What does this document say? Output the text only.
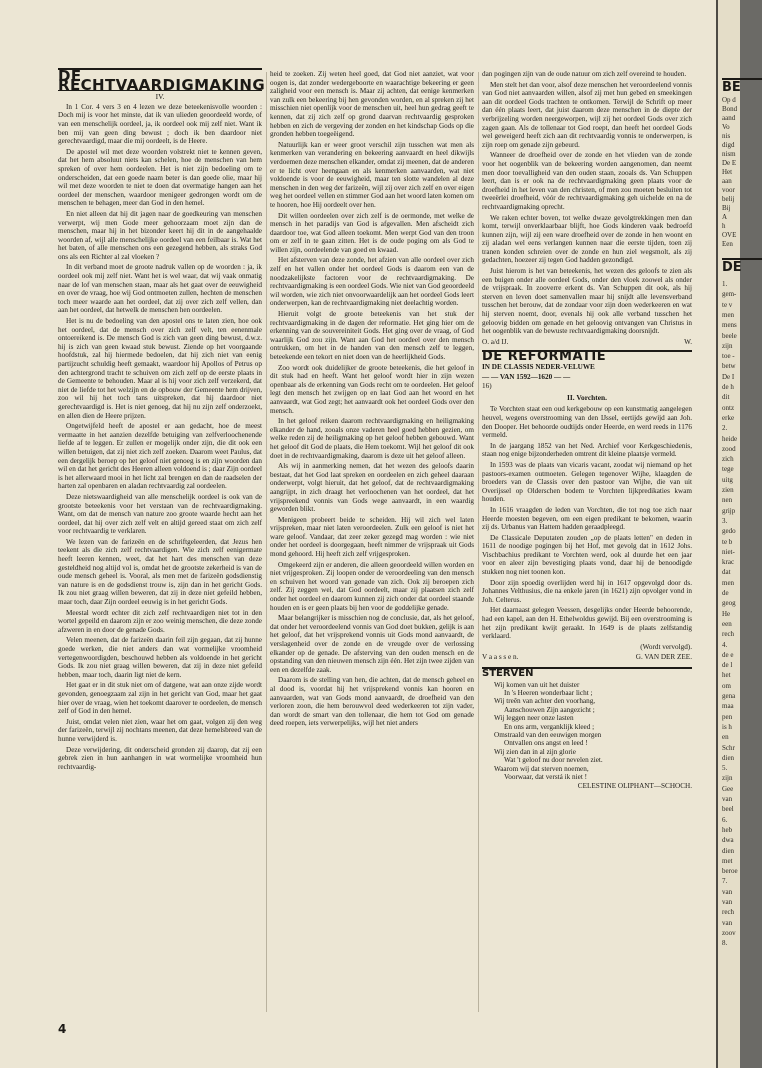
DE RECHTVAARDIGMAKING
IV.

In 1 Cor. 4 vers 3 en 4 lezen we deze beteekenisvolle woorden : Doch mij is voor het minste, dat ik van ulieden geoordeeld worde, of van een menschelijk oordeel, ja, ik oordeel ook mij zelf niet. Want ik ben mij van geen ding bewust ; doch ik ben daardoor niet gerechtvaardigd, maar die mij oordeelt, is de Heere.

De apostel wil met deze woorden volstrekt niet te kennen geven, dat het hem absoluut niets kan schelen, hoe de menschen van hem spreken of over hem oordeelen. Het is niet zijn bedoeling om te onderscheiden, dat een goede naam beter is dan goede olie, maar hij wil met deze woorden te niet te doen dat overmatige hangen aan het oordeel der menschen, waardoor menigeer gedrongen wordt om de menschen te behagen, meer dan God in den hemel.

En niet alleen dat hij dit jagen naar de goedkeuring van menschen verwerpt, wij men Gode meer gehoorzaam moet zijn dan de menschen, maar hij in het bizonder keert hij dit in de aangehaalde woorden af, wijl alle menschelijke oordeel van een feilbaar is. Wat het het baten, of alle menschen ons een gezegend hebben, als straks God ons als een Richter al zal vloeken ?

In dit verband moet de groote nadruk vallen op de woorden : ja, ik oordeel ook mij zelf niet. Want het is wel waar, dat wij vaak onmatig naar de lof van menschen staan, maar als het gaat over de eeuwigheid en over de vraag, hoe wij God ontmoeten zullen, hechten de menschen toch meer waarde aan het oordeel, dat zij over zich zelf vellen, dan aan het oordeel, dat hetwelk de menschen hen oordeelen.

Het is nu de bedoeling van den apostel ons te laten zien, hoe ook het oordeel, dat de mensch over zich zelf velt, ten eenenmale ontoereikend is. De mensch God is zich van geen ding bewust, d.w.z. hij is zich van geen kwaad stuk bewust. Ziende op het voorgaande hoofdstuk, zal hij hiermede bedoelen, dat hij zich niet van eenig partijzucht schuldig heeft gemaakt, waardoor hij Apollos of Petrus op den achtergrond tracht te schuiven om zich zelf op de eerste plaats in de Gemeente te behouden. Maar al is hij voor zich zelf verzekerd, dat niet de liefde tot het welzijn en de opbouw der Gemeente hem drijven, zoo wil hij het toch tans uitspreken, dat hij daardoor niet gerechtvaardigd is. Het is niet genoeg, dat hij nu zijn zelf onderzoekt, en allen dien de Heere prijzen.

Ongetwijfeld heeft de apostel er aan gedacht, hoe de meest vermaatte in het aanzien dezelfde betuiging van zelfverloochenende liefde af te leggen. Er zullen er mogelijk onder zijn, die dit ook een willen betuigen, dat zij niet zich zelf zoeken. Daarom weet Paulus, dat een dergelijk beroep op het geloof niet genoeg is en zijn woorden dan wil en dat het gericht des Heeren alleen voldoend is ; daar Zijn oordeel is het allerwaard mooi in het licht zal brengen en dan de raadselen der harten zal openbaren en aladan rechtvaardig zal oordeelen.

Deze nietswaardigheid van alle menschelijk oordeel is ook van de grootste beteekenis voor het verstaan van de rechtvaardigmaking. Want, om dat de mensch van nature zoo groote waarde hecht aan het oordeel, dat hij over zich zelf velt en altijd gereed staat om zich zelf voor rechtvaardig te verklaren.

We lezen van de farizeën en de schriftgeleerden, dat Jezus hen teekent als die zich zelf rechtvaardigen. Wie zich zelf eenigermate heeft leeren kennen, weet, dat het hart des menschen van deze gesteldheid nog altijd vol is, omdat het de grootste zekerheid is van de oude mensch geheel is. Vooral, als men met de farizeën godsdienstig van nature is en de godsdienst trouw is, zijn dan in het gericht Gods. Ik zou niet graag willen beweren, dat zij in deze niet gefeild hebben, maar toch, daar Zijn oordeel eeuwig is in het gericht Gods.

Meestal wordt echter dit zich zelf rechtvaardigen niet tot in den wortel gepeild en daarom zijn er zoo weinig menschen, die deze zonde afzweren in en door de genade Gods.

Velen meenen, dat de farizeën daarin feil zijn gegaan, dat zij hunne goede werken, die niet anders dan wat vormelijke vroomheid vertegenwoordigden, beschouwd hebben als voldoende in het gericht Gods. Ik zou niet graag willen beweren, dat zij in deze niet gefeild hebben, maar toch, daarin ligt niet de kern.

Het gaat er in dit stuk niet om of datgene, wat aan onze zijde wordt gevonden, genoegzaam zal zijn in het gericht van God, maar het gaat hier over de vraag, wien het toekomt daarover te oordeelen, de mensch zelf of God in den hemel.

Juist, omdat velen niet zien, waar het om gaat, volgen zij den weg der farizeën, terwijl zij nochtans meenen, dat deze hemelsbreed van de hunne verwijderd is.

Deze verwijdering, dit onderscheid gronden zij daarop, dat zij een gebrek zien in hun aanhangen in wat wormelijke vroomheid hun rechtvaardig-

heid te zoeken. Zij weten heel goed, dat God niet aanziet, wat voor oogen is, dat zonder wedergeboorte en waarachtige bekeering er geen zaligheid voor een mensch is. Maar zij achten, dat eenige kenmerken van zulk een bekeering bij hen gevonden worden, en al spreken zij het misschien niet openlijk voor de menschen uit, heel hun gedrag geeft te kennen, dat zij zich zelf op grond daarvan rechtvaardig gesproken hebben en zich de vergeving der zonden en het kindschap Gods op die gronden hebben toegeëigend.

Natuurlijk kan er weer groot verschil zijn tusschen wat men als kenmerken van verandering en bekeering aanvaardt en heel dikwijls verdoemen deze menschen elkander, omdat zij meenen, dat de anderen er te licht over heengaan en als kenmerken aanvaarden, wat niet voldoende is voor de eeuwigheid, maar ten slotte wandelen al deze menschen in den weg der farizeën, wijl zij over zich zelf en over eigen weg het oordeel vellen en stimmer God aan het woord laten komen om te hooren, hoe Hij oordeelt over hen.

Dit willen oordeelen over zich zelf is de oermonde, met welke de mensch in het paradijs van God is afgevallen. Men afscheidt zich daardoor toe, wat God alleen toekomt. Men werpt God van den troon om er zelf in te gaan zitten. Het is de oude poging om als God te willen zijn, oordeelende van goed en kwaad.

Het afsterven van deze zonde, het afzien van alle oordeel over zich zelf en het vallen onder het oordeel Gods is daarom een van de noodzakelijkste factoren voor de rechtvaardigmaking. De rechtvaardigmaking is een oordeel Gods. Wie niet van God geoordeeld wil worden, wie zich niet onvoorwaardelijk aan het oordeel Gods leert onderwerpen, kan de rechtvaardigmaking niet deelachtig worden.

Hieruit volgt de groote beteekenis van het stuk der rechtvaardigmaking in de dagen der reformatie. Het ging hier om de erkenning van de souvereiniteit Gods. Het ging over de vraag, of God waarlijk God zou zijn. Want aan God het oordeel over den mensch ontrukken, om het in de handen van den mensch zelf te leggen, beteekende een tekort en niet doen van de heerlijkheid Gods.

Zoo wordt ook duidelijker de groote beteekenis, die het geloof in dit stuk had en heeft. Want het geloof wordt hier in zijn wezen openbaar als de erkenning van Gods recht om te oordeelen. Het geloof legt den mensch het zwijgen op en laat God aan het woord en het aanvaardt, wat God zegt; het aanvaardt ook het oordeel Gods over den mensch.

In het geloof reiken daarom rechtvaardigmaking en heiligmaking elkander de hand, zooals onze vaderen heel goed hebben gezien, om welke reden zij de heiligmaking op het geloof hebben gebouwd. Want het geloof dit God de plaats, die Hem toekomt. Wijl het geloof dit ook doet in de rechtvaardigmaking, daarom is deze uit het geloof alleen.

Als wij in aanmerking nemen, dat het wezen des geloofs daarin bestaat, dat het God laat spreken en oordeelen en zich geheel daaraan onderwerpt, volgt hieruit, dat het geloof, dat de rechtvaardigmaking aangrijpt, in zich draagt het verloochenen van het oordeel, dat het vrijspreekend vonnis van Gods wege aanvaardt, in een waardig geworden blikt.

Menigeen probeert beide te scheiden. Hij wil zich wel laten vrijspreken, maar niet laten veroordeelen. Zulk een geloof is niet het ware geloof. Vandaar, dat zeer zeker gezegd mag worden : wie niet onder het oordeel is doorgegaan, heeft nimmer de vrijspraak uit Gods mond gehoord. Hij heeft zich zelf vrijgesproken.

Omgekeerd zijn er anderen, die alleen geoordeeld willen worden en niet vrijgesproken. Zij loopen onder de veroordeeling van den mensch en schuiven het woord van genade van zich. Ook zij beroepen zich zelf. Zij zeggen wel, dat God oordeelt, maar zij plaatsen zich zelf onder het oordeel en daarom kunnen zij zich onder dat oordeel staande houden en is er geen plaats bij hen voor de goddelijke genade.

Maar belangrijker is misschien nog de conclusie, dat, als het geloof, dat onder het veroordeelend vonnis van God doet bukken, gelijk is aan het geloof, dat het vrijsprekend vonnis uit Gods mond aanvaardt, de verslagenheid over de zonde en de vreugde over de verlossing elkander op de genade. De afsterving van den ouden mensch en de opstanding van den nieuwen mensch zijn één. Het zijn twee zijden van een en dezelfde zaak.

Daarom is de stelling van hen, die achten, dat de mensch geheel en al dood is, voordat hij het vrijsprekend vonnis kan hooren en aanvaarden, wat van Gods mond aanvaardt, de droefheid van den verloren zoon, die hem berouwvol deed wederkeeren tot zijn vader, dan wordt de smart van den tollenaar, die hem tot God om genade deed roepen, iets verwerpelijks, wijl het niet anders

dan pogingen zijn van de oude natuur om zich zelf overeind te houden.

Men stelt het dan voor, alsof deze menschen het veroordeelend vonnis van God niet aanvaarden willen, alsof zij met hun gebed en smeekingen aan dit oordeel Gods trachten te ontkomen. Terwijl de Schrift op meer dan één plaats leert, dat juist daarom deze menschen in de diepte der verbrijzeling worden neergeworpen, wijl zij het oordeel Gods over zich zagen gaan. Als de tollenaar tot God roept, dan heeft het oordeel Gods wel geweigerd heeft zich aan dit rechtvaardig vonnis te onderwerpen, is zijn roep om genade zijn gebeurd.

Wanneer de droefheid over de zonde en het vlieden van de zonde voor het oogenblik van de bekeering worden aangenomen, dan neemt men door toevalligheid van den ouden staan, zooals ds. Van Schuppen leert, dan is er ook na de rechtvaardigmaking geen plaats voor de droefheid in het leven van den christen, of men zou moeten besluiten tot tweeërlei droefheid, vóór de rechtvaardigmaking geh uichelde en na de rechtvaardigmaking oprecht.

We raken echter boven, tot welke dwaze gevolgtrekkingen men dan komt, terwijl onverklaarbaar blijft, hoe Gods kinderen vaak bedroefd kunnen zijn, wijl zij een ware droefheid over de zonde in hen woont en zij aladan wel eens verlangen kunnen naar die eerste tijden, toen zij tranen konden schreien over de zonde en hun ziel wegsmolt, als zij gedachten, hoezeer zij tegen God hadden gezondigd.

Juist hierom is het van beteekenis, het wezen des geloofs te zien als een buigen onder alle oordeel Gods, onder den vloek zoowel als onder de vrijspraak. In zooverre erkent ds. Van Schuppen dit ook, als hij sterven en leven doet samenvallen maar hij snijdt alle levensverband tusschen het berouw, dat de zondaar voor zijn doen wederkeeren en wat hij sterven noemt, door, evenals hij ook alle verband tusschen het geloovig bidden om genade en het geloovig ontvangen van Christus in het oogenblik van de bewuste rechtvaardigmaking doorsnijdt.

O. a/d IJ.	W.
DE REFORMATIE
IN DE CLASSIS NEDER-VELUWE
— — VAN 1592—1620 — —
16)
II. Vorchten.

Te Vorchten staat een oud kerkgebouw op een kunstmatig aangelegen heuvel, wegens overstrooming van den IJssel, eertijds gewijd aan Joh. den Dooper. Het behoorde oudtijds onder Heerde, en werd reeds in 1176 vermeld.

In de jaargang 1852 van het Ned. Archief voor Kerkgeschiedenis, staan nog enige bijzonderheden omtrent dit kleine plaatsje vermeld.

In 1593 was de plaats van vicaris vacant, zoodat wij niemand op het pastoors-examen outmoeten. Gelegen tegenover Wijhe, klaagden de broeders van de Classis over den pastoor van Wijhe, die van uit Overijssel op Olderschen bodem te Vorchten lijkpredikaties kwam houden.

In 1616 vraagden de leden van Vorchten, die tot nog toe zich naar Heerde moesten begeven, om een eigen predikant te bekomen, waarin zij ds. Urbanus van Hattem hadden geraadpleegd.

De Classicale Deputaten zouden „op de plaats letten" en deden in 1611 de noodige pogingen bij het Hof, met gevolg dat in 1612 Johs. Vischbachius predikant te Vorchten werd, ook al duurde het een jaar voor en aleer zijn bevestiging plaats vond, daar hij de benoodigde stukken nog niet toonen kon.

Door zijn spoedig overlijden werd hij in 1617 opgevolgd door ds. Johannes Velthusius, die na enkele jaren (in 1621) zijn opvolger vond in Joh. Celterus.

Het daarnaast gelegen Veessen, desgelijks onder Heerde behoorende, had een kapel, aan den H. Ethelwoldus gewijd. Bij een overstrooming is het zijn predikant kwijt geraakt. In 1649 is de plaats zelfstandig verklaard.

(Wordt vervolgd).
V a a s s e n.	G. VAN DER ZEE.
STERVEN
Wij komen van uit het duister
In 's Heeren wonderbaar licht ;
Wij treên van achter den voorhang,
Aanschouwen Zijn aangezicht ;
Wij leggen neer onze lasten
En ons arm, verganklijk kleed ;
Omstraald van den eeuwigen morgen
Ontvallen ons angst en leed !
Wij zien dan in al zijn glorie
Wat 't geloof nu door nevelen ziet.
Waarom wij dat sterven noemen,
Voorwaar, dat verstá ik niet !
CELESTINE OLIPHANT—SCHOCH.
4
BE
DE
Op d
Bond
aand
Vo
nis
digd
nism
De E
Het
aan
voor
belij
Bij
A
h
OVE
Een
1.
gem-
te v
men
mens
beele
zijn
toe -
betw
De I
de h
dit
ontz
erke
2.
heide
zood
zich
tege
uitg
zien
nen
grijp
3.
gedo
te b
niet-
krac
dat
men
de
geog
He
een
rech
4.
de e
de l
het
om
gena
maa
pen
is h
en
Schr
dien
5.
zijn
Gee
van
beel
6.
heb
dwa
dien
met
beroe
7.
van
van
rech
van
zoov
8.
